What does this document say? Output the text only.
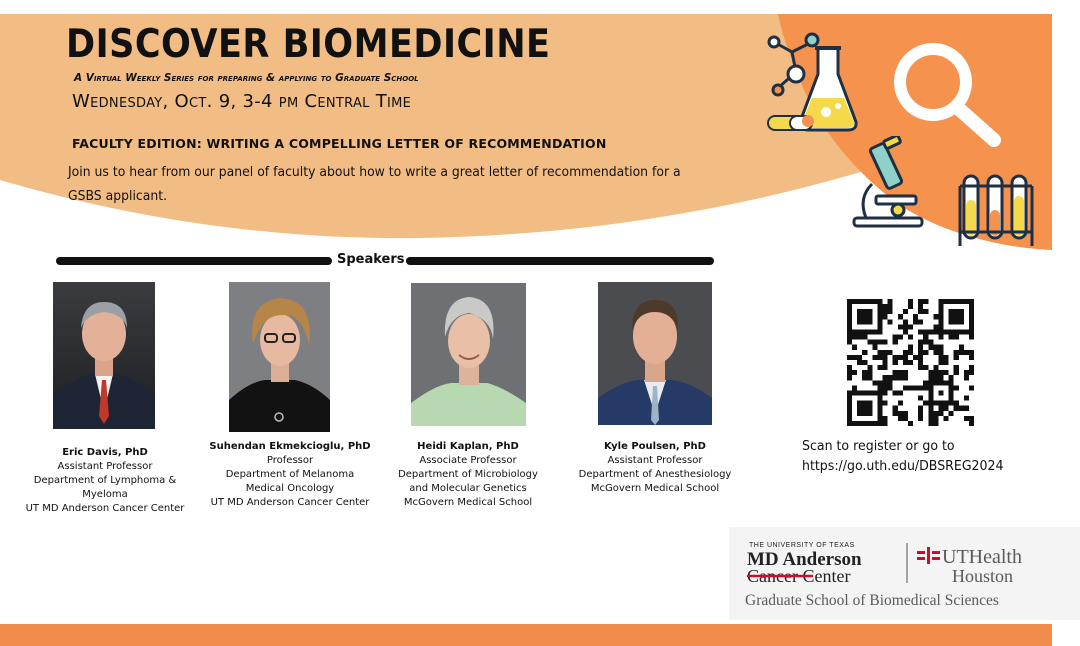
DISCOVER BIOMEDICINE
A Virtual Weekly Series for preparing & applying to Graduate School
Wednesday, Oct. 9, 3-4 pm Central Time
FACULTY EDITION: WRITING A COMPELLING LETTER OF RECOMMENDATION
Join us to hear from our panel of faculty about how to write a great letter of recommendation for a GSBS applicant.
Speakers
Eric Davis, PhD
Assistant Professor
Department of Lymphoma &
Myeloma
UT MD Anderson Cancer Center
Suhendan Ekmekcioglu, PhD
Professor
Department of Melanoma
Medical Oncology
UT MD Anderson Cancer Center
Heidi Kaplan, PhD
Associate Professor
Department of Microbiology
and Molecular Genetics
McGovern Medical School
Kyle Poulsen, PhD
Assistant Professor
Department of Anesthesiology
McGovern Medical School
Scan to register or go to
https://go.uth.edu/DBSREG2024
THE UNIVERSITY OF TEXAS
MD Anderson
Cancer Center
UTHealth
Houston
Graduate School of Biomedical Sciences
